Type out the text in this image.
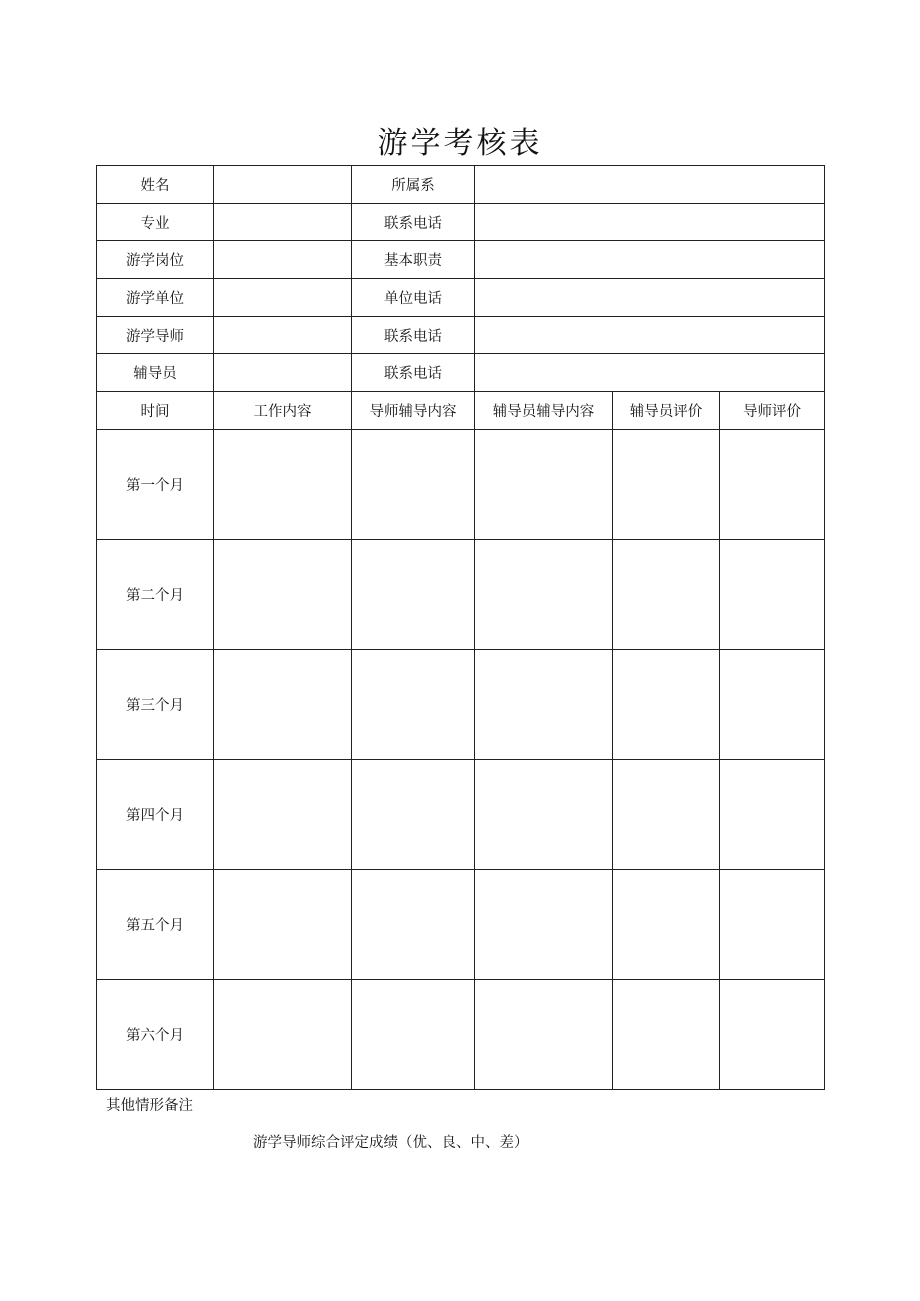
游学考核表
姓名		所属系			
专业		联系电话			
游学岗位		基本职责			
游学单位		单位电话			
游学导师		联系电话			
辅导员		联系电话			
时间	工作内容	导师辅导内容	辅导员辅导内容	辅导员评价	导师评价
第一个月					
第二个月					
第三个月					
第四个月					
第五个月					
第六个月					
其他情形备注
游学导师综合评定成绩（优、良、中、差）
